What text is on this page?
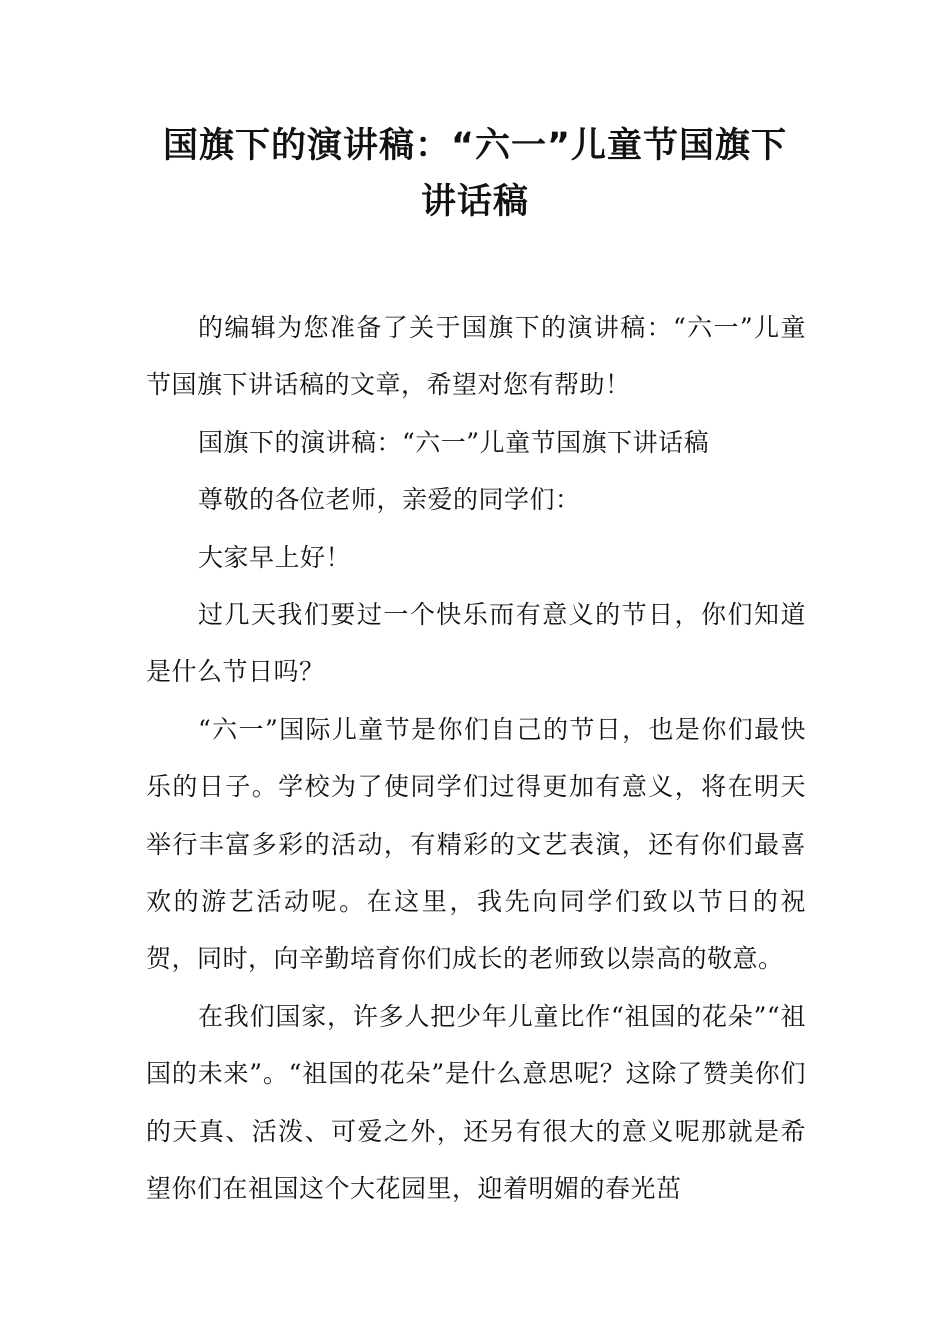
国旗下的演讲稿：“六一”儿童节国旗下
讲话稿

的编辑为您准备了关于国旗下的演讲稿：“六一”儿童节国旗下讲话稿的文章，希望对您有帮助！

国旗下的演讲稿：“六一”儿童节国旗下讲话稿

尊敬的各位老师，亲爱的同学们：

大家早上好！

过几天我们要过一个快乐而有意义的节日，你们知道是什么节日吗？

“六一”国际儿童节是你们自己的节日，也是你们最快乐的日子。学校为了使同学们过得更加有意义，将在明天举行丰富多彩的活动，有精彩的文艺表演，还有你们最喜欢的游艺活动呢。在这里，我先向同学们致以节日的祝贺，同时，向辛勤培育你们成长的老师致以崇高的敬意。

在我们国家，许多人把少年儿童比作“祖国的花朵”“祖国的未来”。“祖国的花朵”是什么意思呢？这除了赞美你们的天真、活泼、可爱之外，还另有很大的意义呢那就是希望你们在祖国这个大花园里，迎着明媚的春光茁
